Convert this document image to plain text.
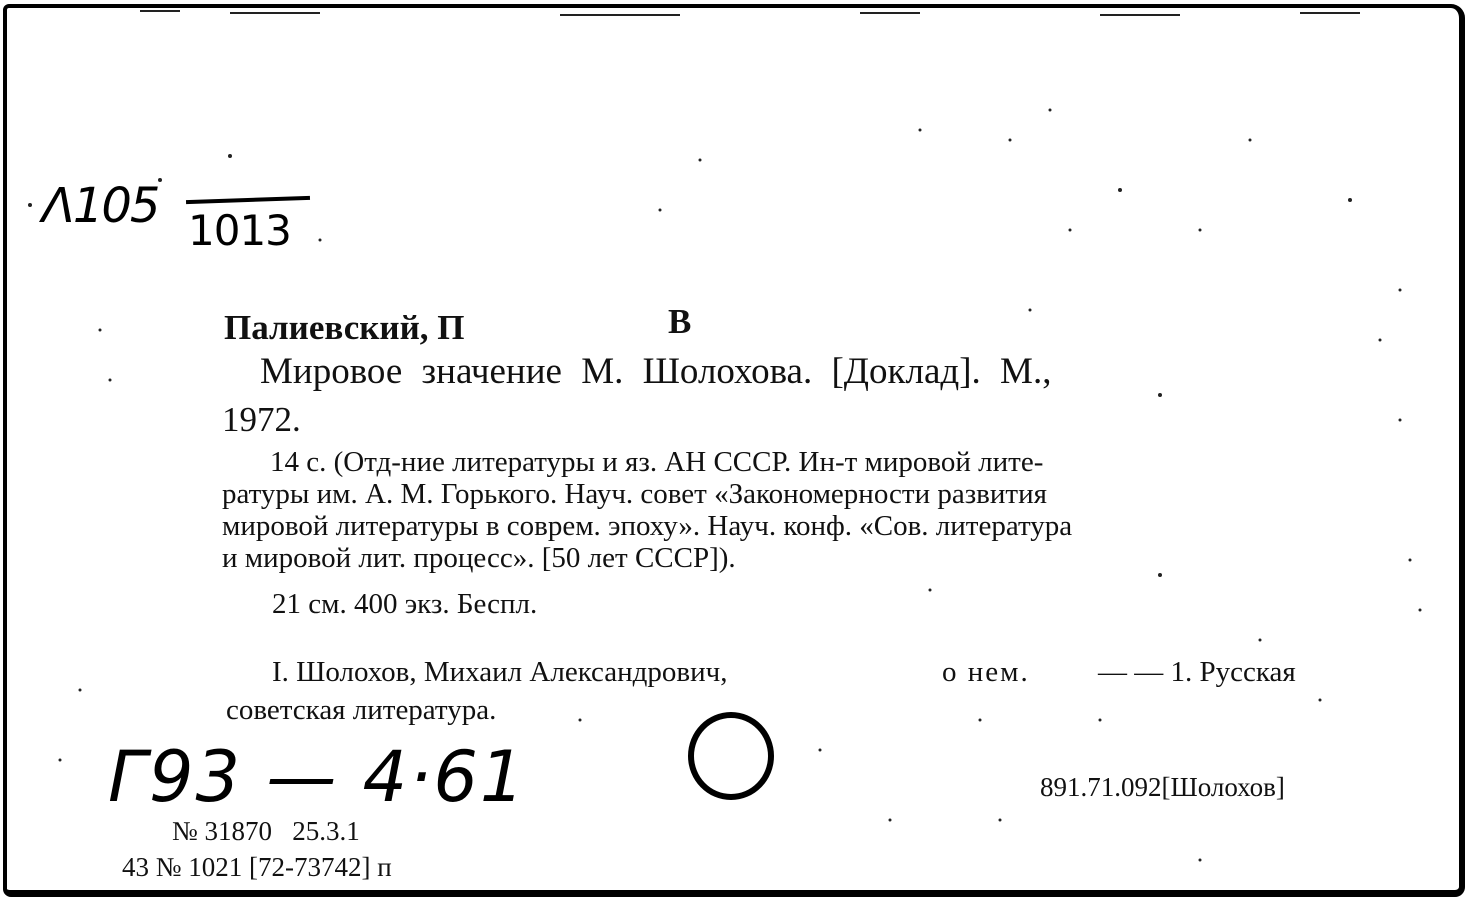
Λ105 1013
Палиевский, П	В
Мировое значение М. Шолохова. [Доклад]. М.,
1972.
14 с. (Отд-ние литературы и яз. АН СССР. Ин-т мировой лите-
ратуры им. А. М. Горького. Науч. совет «Закономерности развития
мировой литературы в соврем. эпоху». Науч. конф. «Сов. литература
и мировой лит. процесс». [50 лет СССР]).
21 см. 400 экз. Беспл.
I. Шолохов, Михаил Александрович,	о нем. — — 1. Русская
советская литература.
Г93 — 4·61	891.71.092[Шолохов]
№ 31870   25.3.1
43 № 1021 [72-73742] п
